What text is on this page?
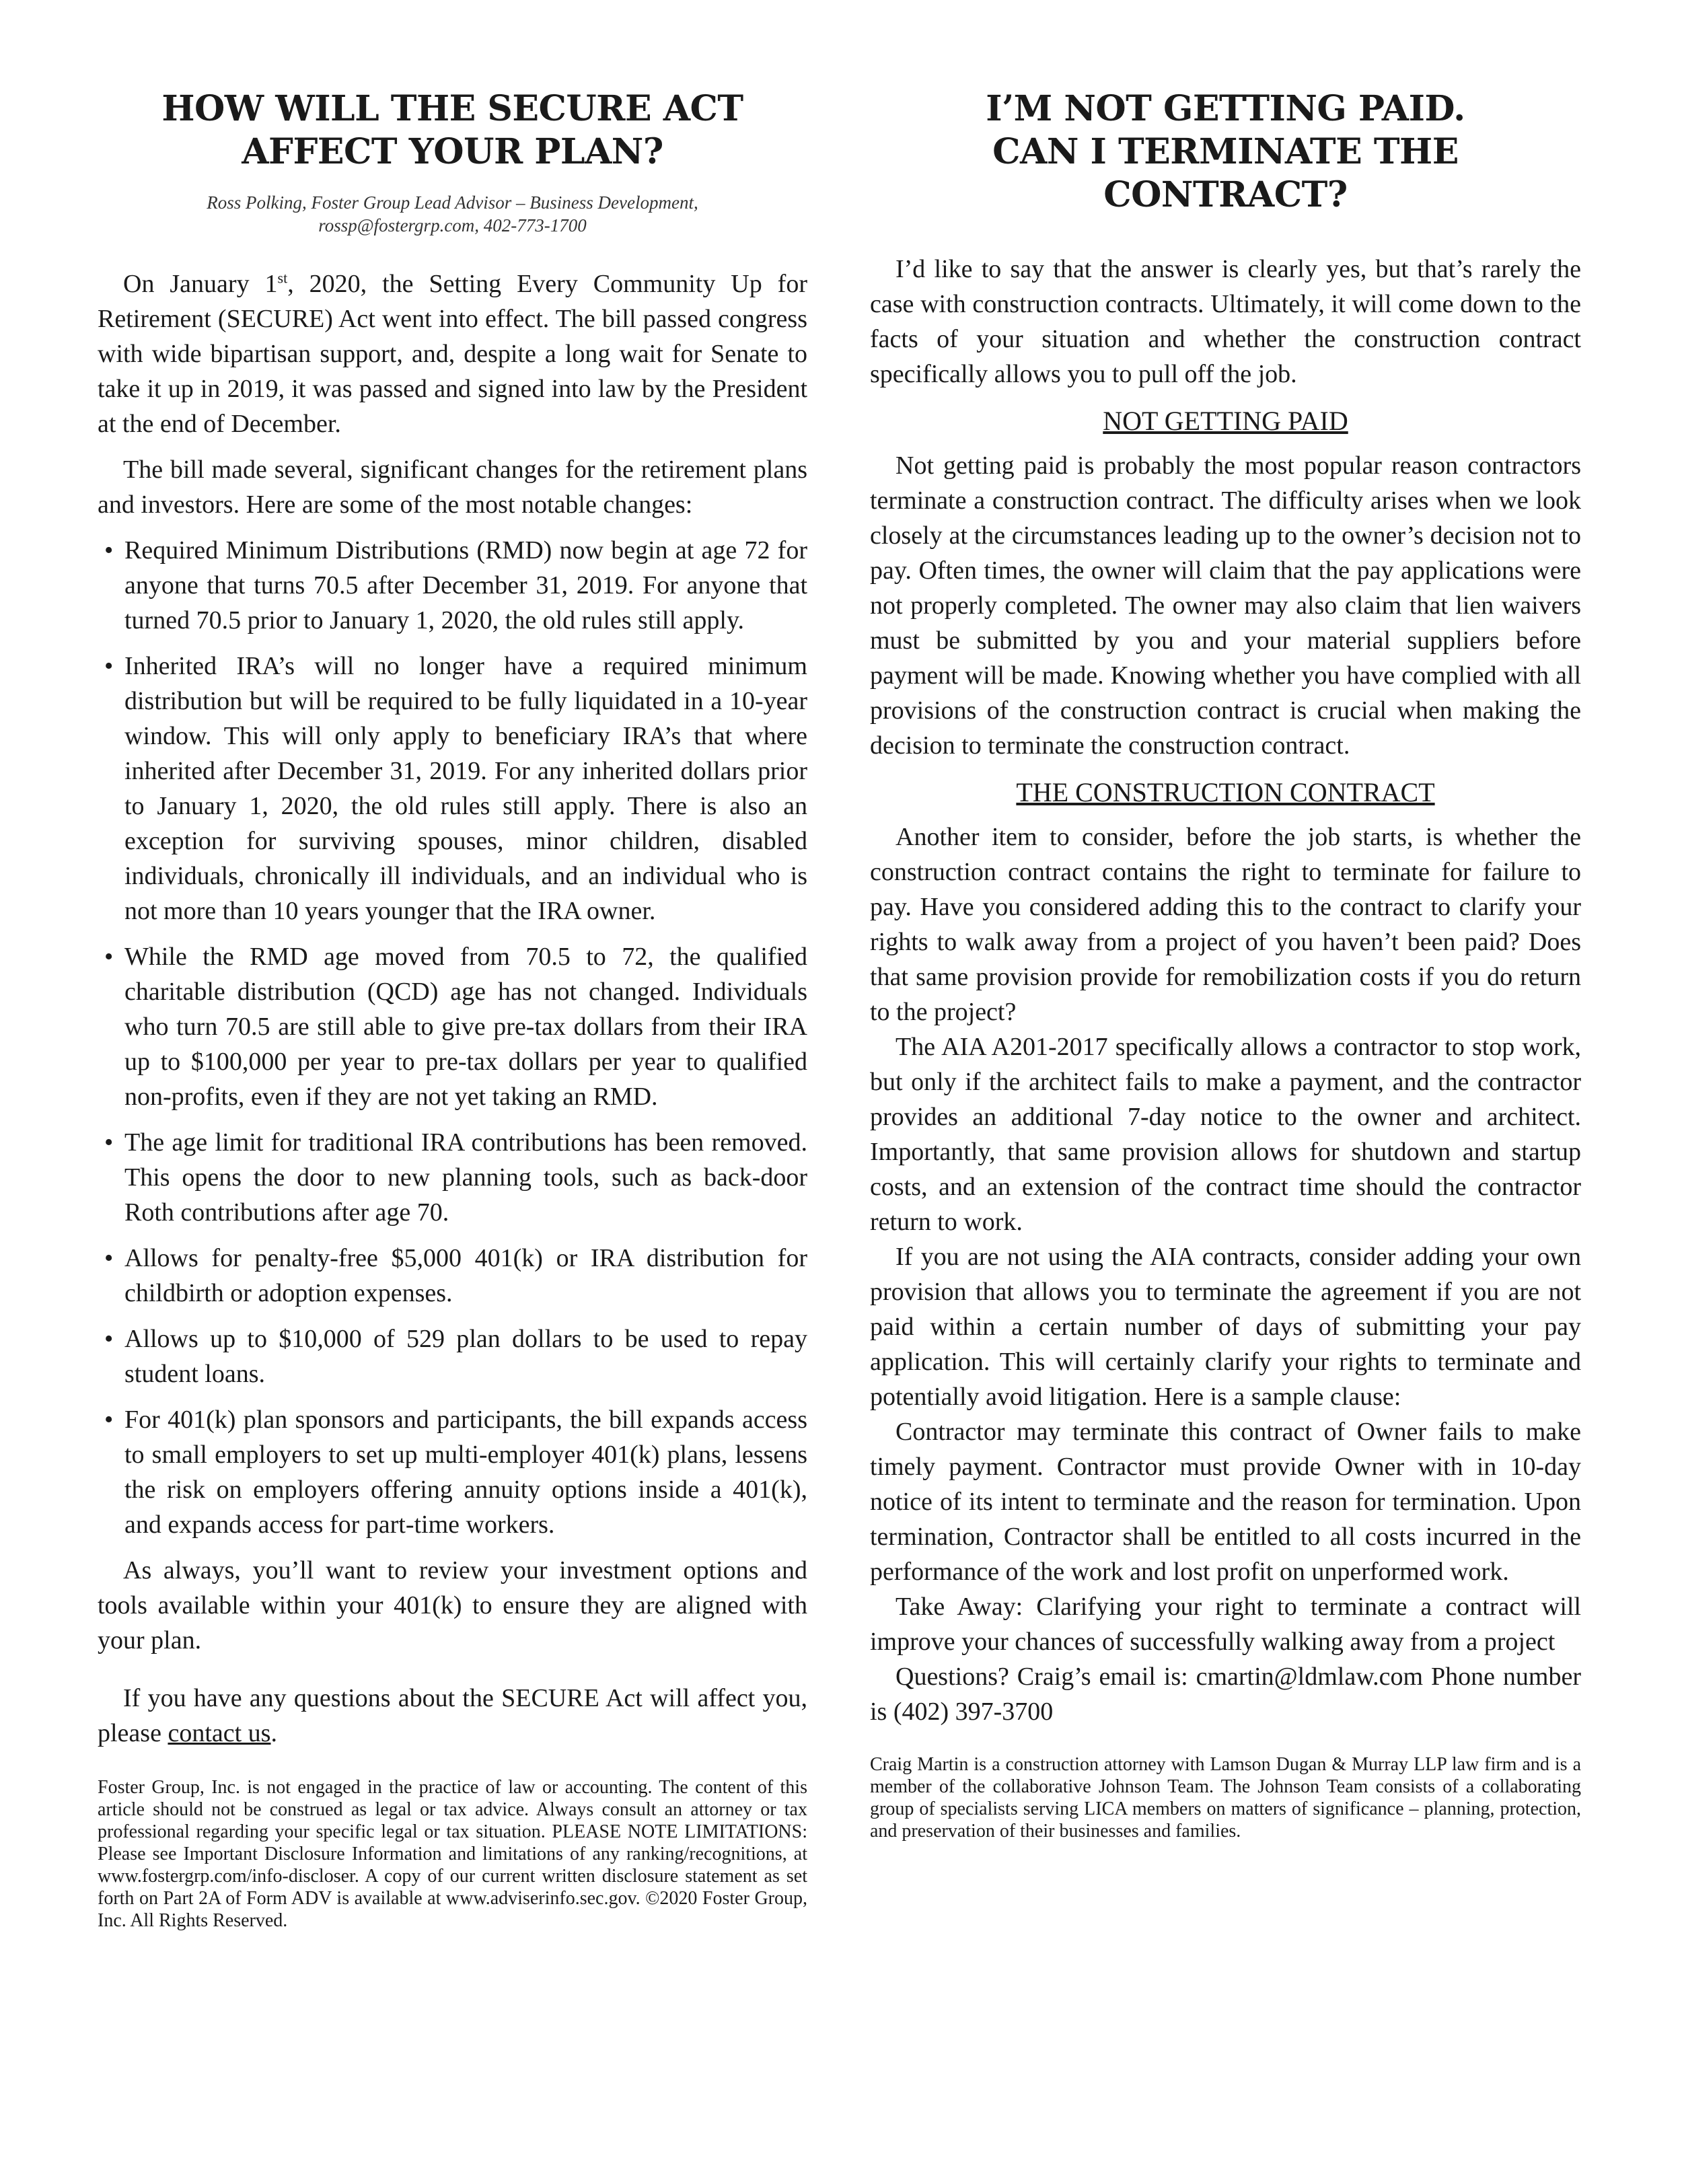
HOW WILL THE SECURE ACT
AFFECT YOUR PLAN?
Ross Polking, Foster Group Lead Advisor – Business Development,
rossp@fostergrp.com, 402-773-1700

On January 1st, 2020, the Setting Every Community Up for Retirement (SECURE) Act went into effect. The bill passed congress with wide bipartisan support, and, despite a long wait for Senate to take it up in 2019, it was passed and signed into law by the President at the end of December.

The bill made several, significant changes for the retirement plans and investors. Here are some of the most notable changes:

• Required Minimum Distributions (RMD) now begin at age 72 for anyone that turns 70.5 after December 31, 2019. For anyone that turned 70.5 prior to January 1, 2020, the old rules still apply.
• Inherited IRA’s will no longer have a required minimum distribution but will be required to be fully liquidated in a 10-year window. This will only apply to beneficiary IRA’s that where inherited after December 31, 2019. For any inherited dollars prior to January 1, 2020, the old rules still apply. There is also an exception for surviving spouses, minor children, disabled individuals, chronically ill individuals, and an individual who is not more than 10 years younger that the IRA owner.
• While the RMD age moved from 70.5 to 72, the qualified charitable distribution (QCD) age has not changed. Individuals who turn 70.5 are still able to give pre-tax dollars from their IRA up to $100,000 per year to pre-tax dollars per year to qualified non-profits, even if they are not yet taking an RMD.
• The age limit for traditional IRA contributions has been removed. This opens the door to new planning tools, such as back-door Roth contributions after age 70.
• Allows for penalty-free $5,000 401(k) or IRA distribution for childbirth or adoption expenses.
• Allows up to $10,000 of 529 plan dollars to be used to repay student loans.
• For 401(k) plan sponsors and participants, the bill expands access to small employers to set up multi-employer 401(k) plans, lessens the risk on employers offering annuity options inside a 401(k), and expands access for part-time workers.

As always, you’ll want to review your investment options and tools available within your 401(k) to ensure they are aligned with your plan.

If you have any questions about the SECURE Act will affect you, please contact us.

Foster Group, Inc. is not engaged in the practice of law or accounting. The content of this article should not be construed as legal or tax advice. Always consult an attorney or tax professional regarding your specific legal or tax situation. PLEASE NOTE LIMITATIONS: Please see Important Disclosure Information and limitations of any ranking/recognitions, at www.fostergrp.com/info-discloser. A copy of our current written disclosure statement as set forth on Part 2A of Form ADV is available at www.adviserinfo.sec.gov. ©2020 Foster Group, Inc. All Rights Reserved.

I’M NOT GETTING PAID.
CAN I TERMINATE THE CONTRACT?

I’d like to say that the answer is clearly yes, but that’s rarely the case with construction contracts. Ultimately, it will come down to the facts of your situation and whether the construction contract specifically allows you to pull off the job.

NOT GETTING PAID

Not getting paid is probably the most popular reason contractors terminate a construction contract. The difficulty arises when we look closely at the circumstances leading up to the owner’s decision not to pay. Often times, the owner will claim that the pay applications were not properly completed. The owner may also claim that lien waivers must be submitted by you and your material suppliers before payment will be made. Knowing whether you have complied with all provisions of the construction contract is crucial when making the decision to terminate the construction contract.

THE CONSTRUCTION CONTRACT

Another item to consider, before the job starts, is whether the construction contract contains the right to terminate for failure to pay. Have you considered adding this to the contract to clarify your rights to walk away from a project of you haven’t been paid? Does that same provision provide for remobilization costs if you do return to the project?

The AIA A201-2017 specifically allows a contractor to stop work, but only if the architect fails to make a payment, and the contractor provides an additional 7-day notice to the owner and architect. Importantly, that same provision allows for shutdown and startup costs, and an extension of the contract time should the contractor return to work.

If you are not using the AIA contracts, consider adding your own provision that allows you to terminate the agreement if you are not paid within a certain number of days of submitting your pay application. This will certainly clarify your rights to terminate and potentially avoid litigation. Here is a sample clause:

Contractor may terminate this contract of Owner fails to make timely payment. Contractor must provide Owner with in 10-day notice of its intent to terminate and the reason for termination. Upon termination, Contractor shall be entitled to all costs incurred in the performance of the work and lost profit on unperformed work.

Take Away: Clarifying your right to terminate a contract will improve your chances of successfully walking away from a project

Questions? Craig’s email is: cmartin@ldmlaw.com Phone number is (402) 397-3700

Craig Martin is a construction attorney with Lamson Dugan & Murray LLP law firm and is a member of the collaborative Johnson Team. The Johnson Team consists of a collaborating group of specialists serving LICA members on matters of significance – planning, protection, and preservation of their businesses and families.
